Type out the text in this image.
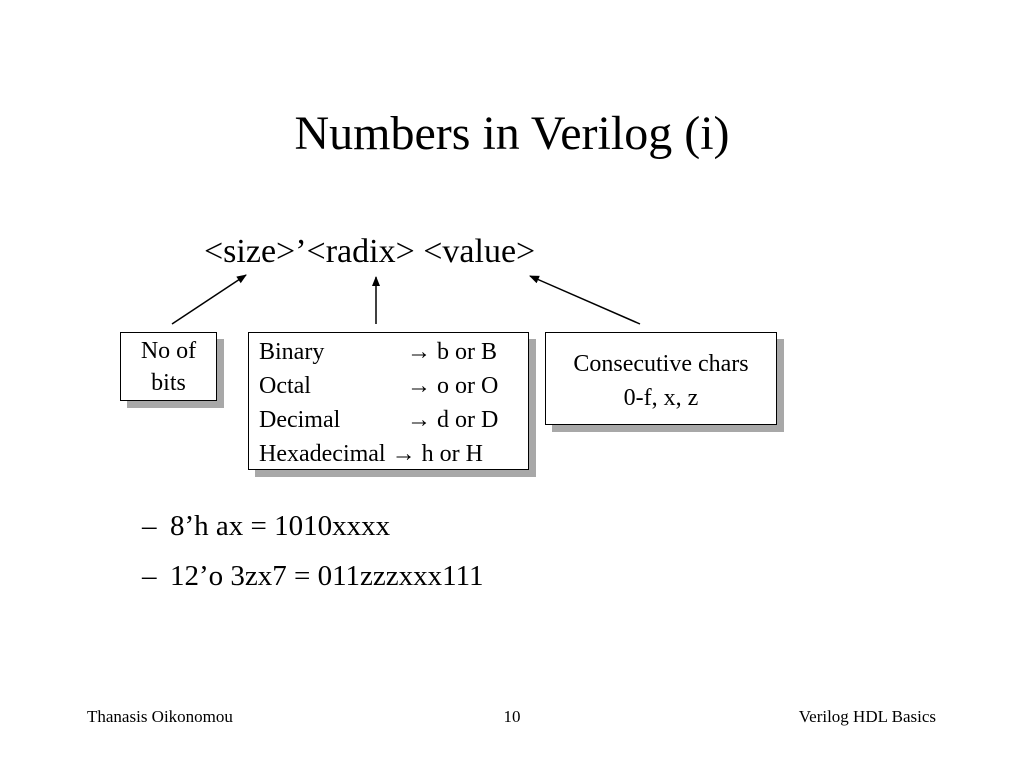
Numbers in Verilog (i)
<size>’<radix> <value>
No of
bits
Binary	→ b or B
Octal	→ o or O
Decimal	→ d or D
Hexadecimal → h or H
Consecutive chars
0-f, x, z
– 8’h ax = 1010xxxx
– 12’o 3zx7 = 011zzzxxx111
Thanasis Oikonomou	10	Verilog HDL Basics
